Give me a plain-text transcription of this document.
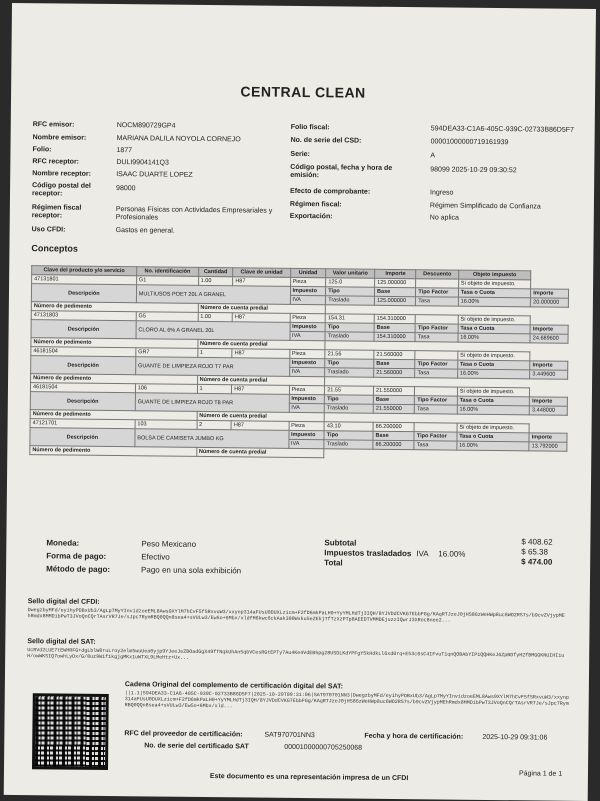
CENTRAL CLEAN
RFC emisor:	NOCM890729GP4
Nombre emisor:	MARIANA DALILA NOYOLA CORNEJO
Folio:	1877
RFC receptor:	DULI9904141Q3
Nombre receptor:	ISAAC DUARTE LOPEZ
Código postal del receptor:
98000
Régimen fiscal receptor:
Personas Físicas con Actividades Empresariales y Profesionales
Uso CFDI:	Gastos en general.
Folio fiscal:	594DEA33-C1A6-405C-939C-02733B86D5F7
No. de serie del CSD:	00001000000719161939
Serie:	A
Código postal, fecha y hora de emisión:
98099 2025-10-29 09:30:52
Efecto de comprobante:	Ingreso
Régimen fiscal:	Régimen Simplificado de Confianza
Exportación:	No aplica
Conceptos
Clave del producto y/o servicio	No. identificación	Cantidad	Clave de unidad	Unidad	Valor unitario	Importe	Descuento	Objeto impuesto	
47131801	G1	1.00	H87	Pieza	125.0	125.000000		Sí objeto de impuesto.	
Descripción	MULTIUSOS POET 20L A GRANEL			Impuesto	Tipo	Base	Tipo Factor	Tasa o Cuota	Importe
				IVA	Traslado	125.000000	Tasa	16.00%	20.000000
Número de pedimento		Número de cuenta predial							
47131803	G5	1.00	H87	Pieza	154.31	154.310000		Sí objeto de impuesto.	
Descripción	CLORO AL 6% A GRANEL 20L			Impuesto	Tipo	Base	Tipo Factor	Tasa o Cuota	Importe
				IVA	Traslado	154.310000	Tasa	16.00%	24.689600
Número de pedimento		Número de cuenta predial							
46181504	GR7	1	H87	Pieza	21.56	21.560000		Sí objeto de impuesto.	
Descripción	GUANTE DE LIMPIEZA ROJO T7 PAR			Impuesto	Tipo	Base	Tipo Factor	Tasa o Cuota	Importe
				IVA	Traslado	21.560000	Tasa	16.00%	3.449600
Número de pedimento		Número de cuenta predial							
46181504	106	1	H87	Pieza	21.55	21.550000		Sí objeto de impuesto.	
Descripción	GUANTE DE LIMPIEZA ROJO T8 PAR			Impuesto	Tipo	Base	Tipo Factor	Tasa o Cuota	Importe
				IVA	Traslado	21.550000	Tasa	16.00%	3.448000
Número de pedimento		Número de cuenta predial							
47121701	103	2	H87	Pieza	43.10	86.200000		Sí objeto de impuesto.	
Descripción	BOLSA DE CAMISETA JUMBO KG			Impuesto	Tipo	Base	Tipo Factor	Tasa o Cuota	Importe
				IVA	Traslado	86.200000	Tasa	16.00%	13.792000
Número de pedimento		Número de cuenta predial							
Moneda:	Peso Mexicano
Forma de pago:	Efectivo
Método de pago:	Pago en una sola exhibición
Subtotal	$ 408.62
Impuestos trasladados IVA 16.00%	$ 65.38
Total	$ 474.00
Sello digital del CFDI:
DwegzbyMFd/eyihyPDBxUb3/AgLp7MyYInvidzoeEML8Aws9XYlM7hCvF5fSRxvuW3/xxynp314aFUsU0DUXLzicm+F2fD6mkPaLH0+YyYMLHdTj3IQH/8YJVDdCVKG7EbbFGg/KAqRTJzeJ0jHS86zWeHWp8uc6WO2RS7s/b9cvZVjypMEhRmdx8MMDibPwT3JVoQnCQrTAsrVR7Je/sJpc7RymRBQ0QQn8sea4+sVULw3/Ew5o+6Mbx/xldfM6kwc6ckAak300Wxku5eZEkjTfTzXzPTp8AEEDTVMMDEjuzzIQwrJ3XRoc8nee2...
Sello digital del SAT:
UcRVd2LUE7tEWHRFG+dgLblW8ruLroy2elm5wuUea0yjp9YJeeJeZBOadGgX49fTNqkUhAn5qbVCesRGtEPTy7Au4Ke4VdEB5pg28USDLKdYPFgY5kHdkLl6xd0rq+E53c6sC4IFvuT1qnQOBAbYIP1QQHKeJ6ZpBDfyH2fBMGGKNUIHI1uH/owWKSIQ7owhLyDx/G/8uz9W1f1kgjgMKx1uWTXL9LMeHtz+Ux...
Cadena Original del complemento de certificación digital del SAT:
||1.1|594DEA33-C1A6-405C-939C-02733B86D5F7|2025-10-29T09:31:06|SAT970701NN3|DwegzbyMFd/eyihyPDBxUb3/AgLp7MyYInvidzoeEML8Aws9XYlM7hCvF5fSRxvuW3/xxynp314aFUsU0DUXLzicm+F2fD6mkPaLH0+YyYMLHdTj3IQH/8YJVDdCVKG7EbbFGg/KAqRTJzeJ0jHS86zWeHWp8uc6WO2RS7s/b9cvZVjypMEhRmdx8MMDibPwT3JVoQnCQrTAsrVR7Je/sJpc7RymRBQ0QQn8sea4+sVULw3/Ew5o+6Mbx/xld...
RFC del proveedor de certificación:	SAT970701NN3	Fecha y hora de certificación:	2025-10-29 09:31:06
No. de serie del certificado SAT	00001000000705250068
Este documento es una representación impresa de un CFDI	Página 1 de 1
